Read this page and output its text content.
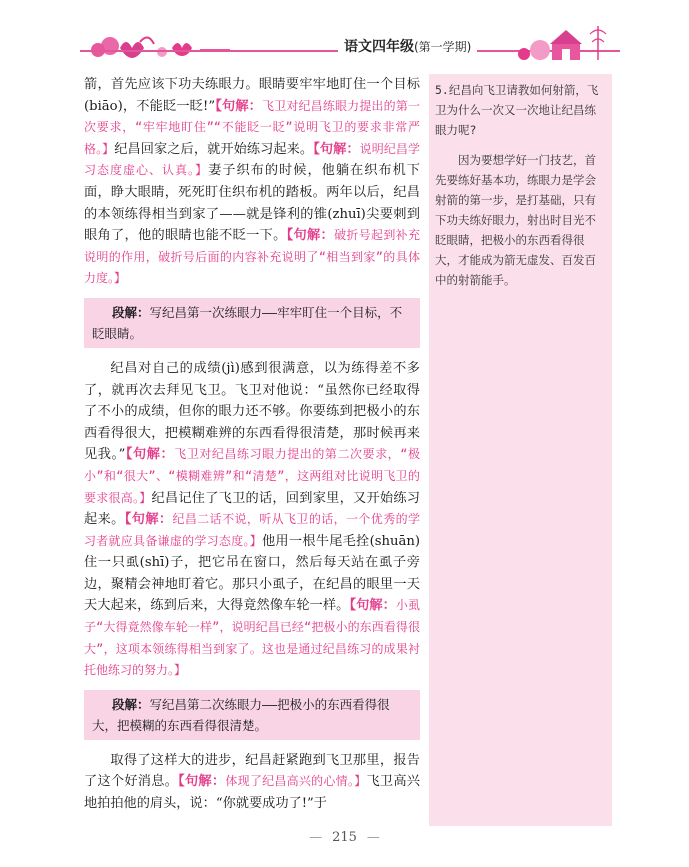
语文四年级(第一学期)

箭，首先应该下功夫练眼力。眼睛要牢牢地盯住一个目标(biāo)，不能眨一眨!”【句解：飞卫对纪昌练眼力提出的第一次要求，“牢牢地盯住”“不能眨一眨”说明飞卫的要求非常严格。】纪昌回家之后，就开始练习起来。【句解：说明纪昌学习态度虚心、认真。】妻子织布的时候，他躺在织布机下面，睁大眼睛，死死盯住织布机的踏板。两年以后，纪昌的本领练得相当到家了——就是锋利的锥(zhuī)尖要刺到眼角了，他的眼睛也能不眨一下。【句解：破折号起到补充说明的作用，破折号后面的内容补充说明了“相当到家”的具体力度。】

段解：写纪昌第一次练眼力——牢牢盯住一个目标，不眨眼睛。

纪昌对自己的成绩(jì)感到很满意，以为练得差不多了，就再次去拜见飞卫。飞卫对他说：“虽然你已经取得了不小的成绩，但你的眼力还不够。你要练到把极小的东西看得很大，把模糊难辨的东西看得很清楚，那时候再来见我。”【句解：飞卫对纪昌练习眼力提出的第二次要求，“极小”和“很大”、“模糊难辨”和“清楚”，这两组对比说明飞卫的要求很高。】纪昌记住了飞卫的话，回到家里，又开始练习起来。【句解：纪昌二话不说，听从飞卫的话，一个优秀的学习者就应具备谦虚的学习态度。】他用一根牛尾毛拴(shuān)住一只虱(shī)子，把它吊在窗口，然后每天站在虱子旁边，聚精会神地盯着它。那只小虱子，在纪昌的眼里一天天大起来，练到后来，大得竟然像车轮一样。【句解：小虱子“大得竟然像车轮一样”，说明纪昌已经“把极小的东西看得很大”，这项本领练得相当到家了。这也是通过纪昌练习的成果衬托他练习的努力。】

段解：写纪昌第二次练眼力——把极小的东西看得很大，把模糊的东西看得很清楚。

取得了这样大的进步，纪昌赶紧跑到飞卫那里，报告了这个好消息。【句解：体现了纪昌高兴的心情。】飞卫高兴地拍拍他的肩头，说：“你就要成功了!”于

5.纪昌向飞卫请教如何射箭，飞卫为什么一次又一次地让纪昌练眼力呢?
因为要想学好一门技艺，首先要练好基本功，练眼力是学会射箭的第一步，是打基础，只有下功夫练好眼力，射出时目光不眨眼睛，把极小的东西看得很大，才能成为箭无虚发、百发百中的射箭能手。
— 215 —
